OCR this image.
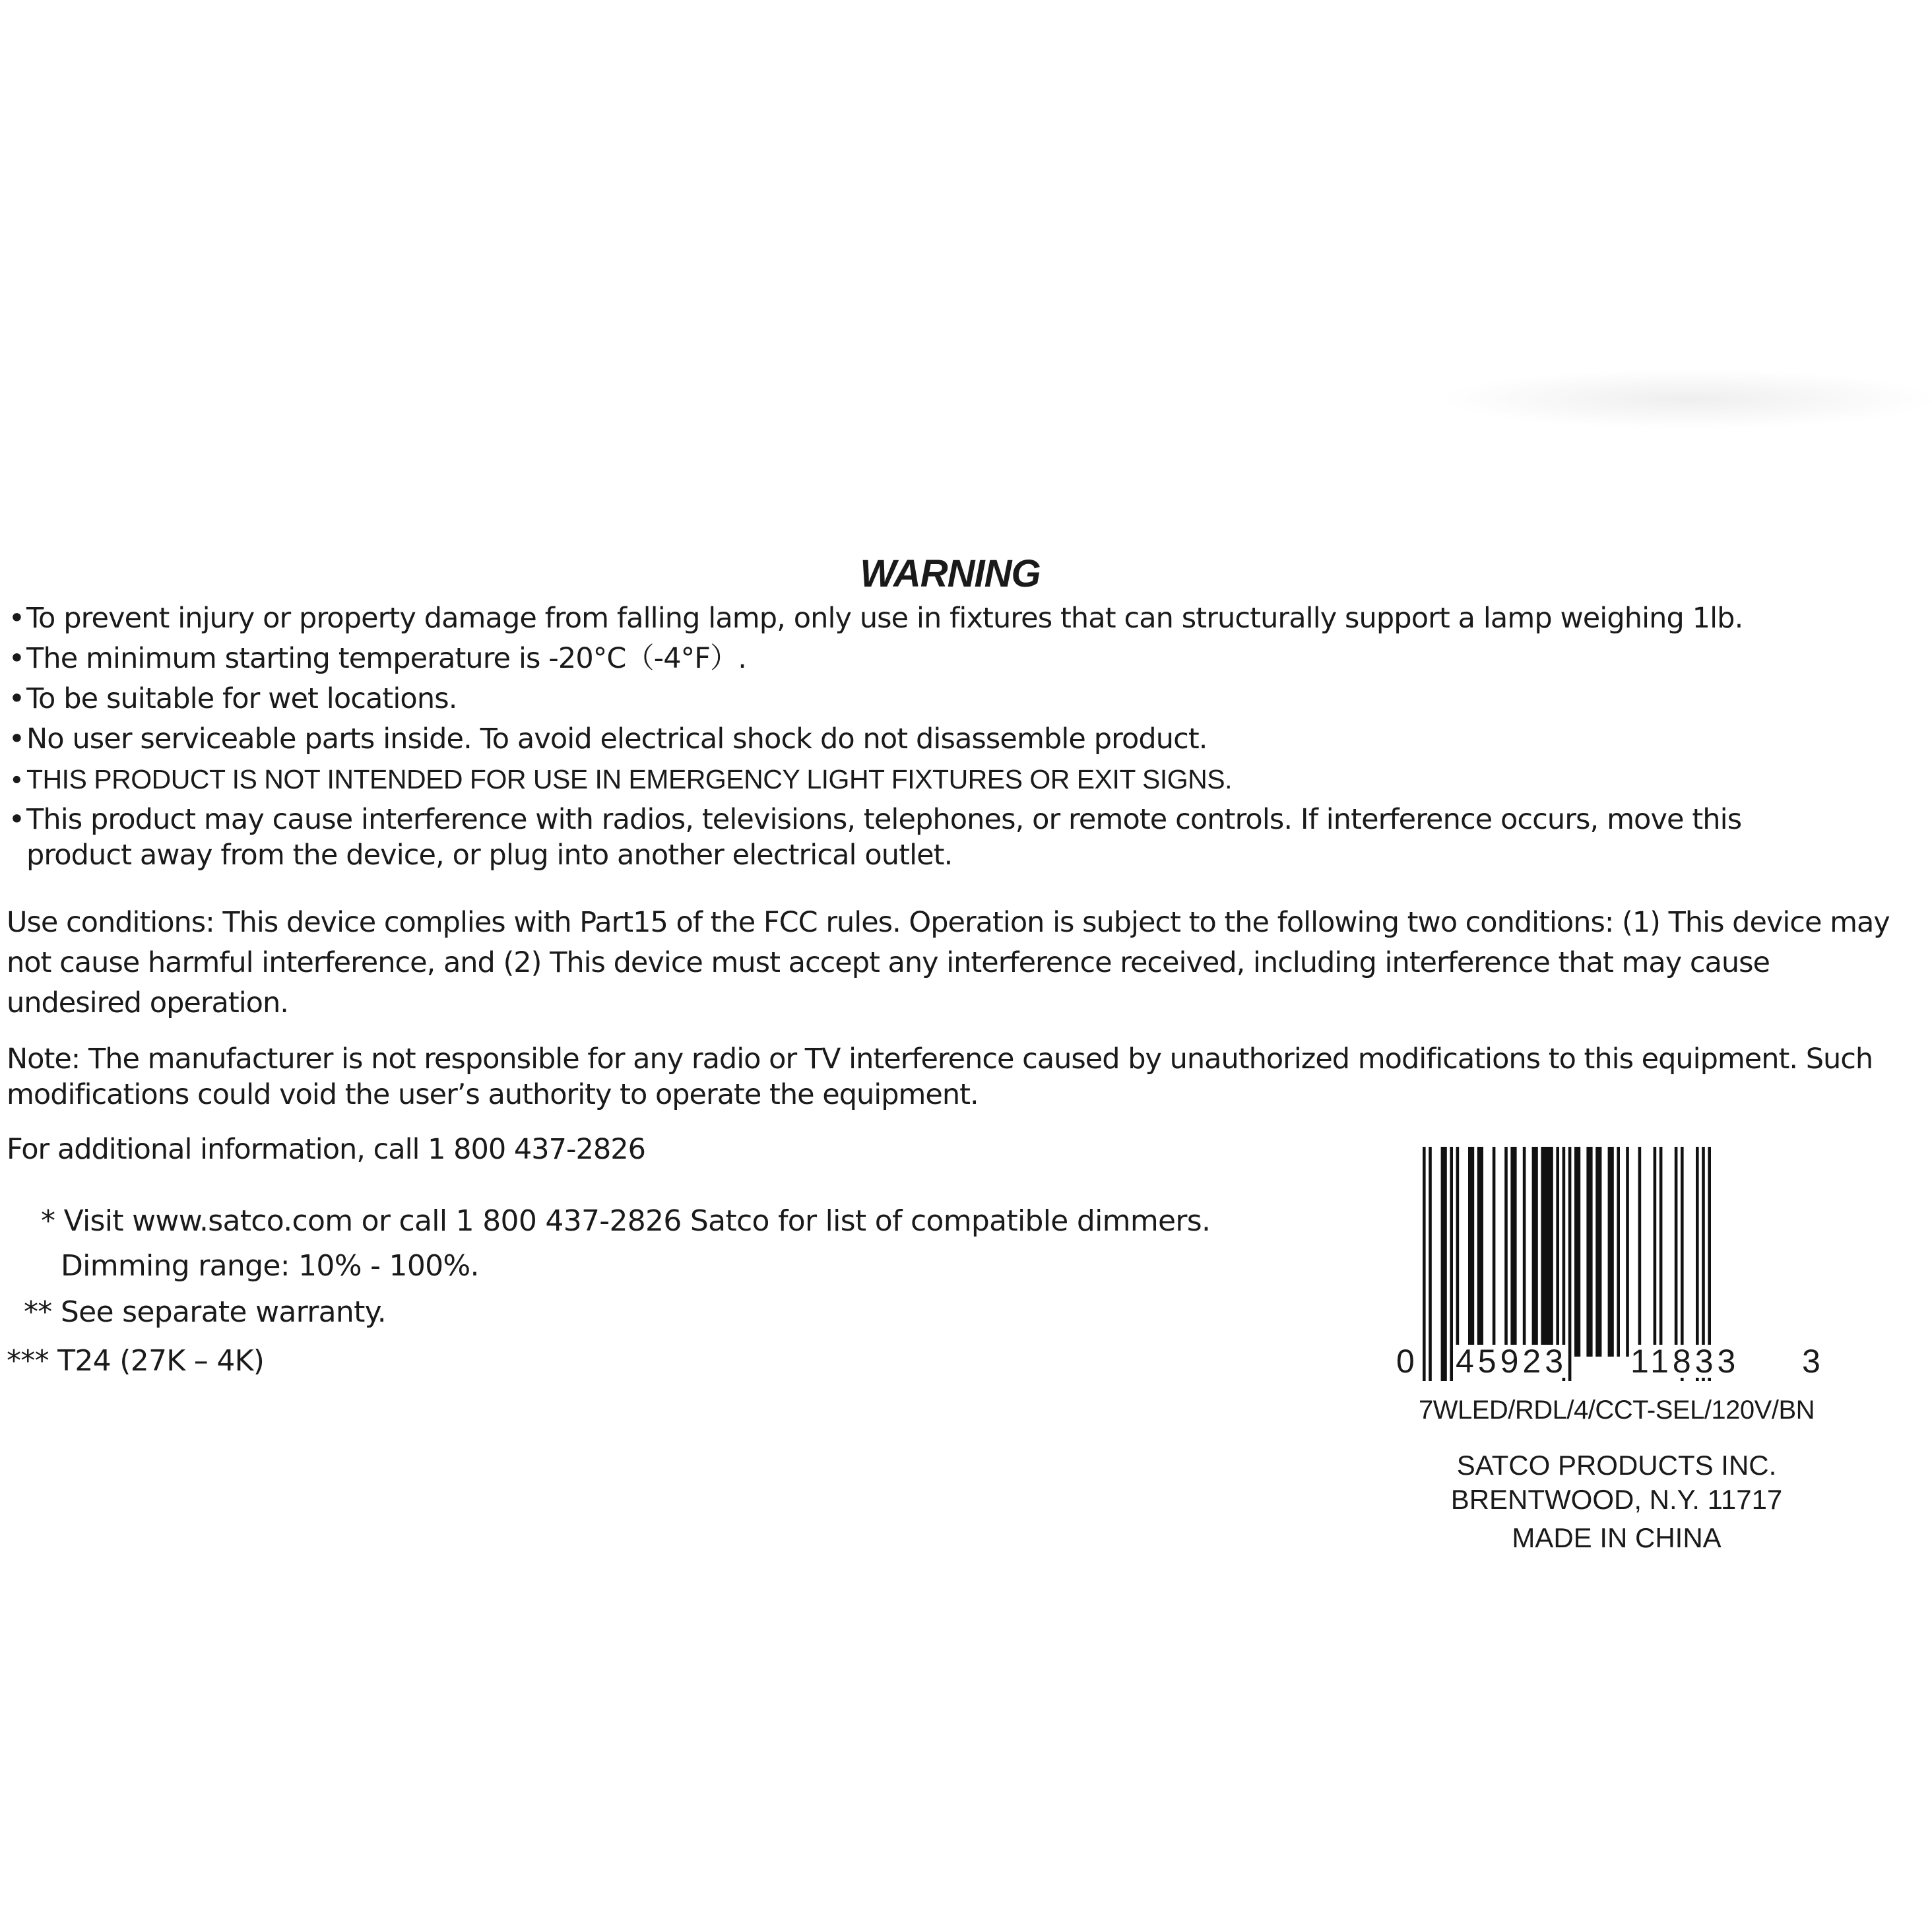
WARNING
• To prevent injury or property damage from falling lamp, only use in fixtures that can structurally support a lamp weighing 1lb.
• The minimum starting temperature is -20°C（-4°F）.
• To be suitable for wet locations.
• No user serviceable parts inside. To avoid electrical shock do not disassemble product.
• THIS PRODUCT IS NOT INTENDED FOR USE IN EMERGENCY LIGHT FIXTURES OR EXIT SIGNS.
• This product may cause interference with radios, televisions, telephones, or remote controls. If interference occurs, move this product away from the device, or plug into another electrical outlet.
Use conditions: This device complies with Part15 of the FCC rules. Operation is subject to the following two conditions: (1) This device may not cause harmful interference, and (2) This device must accept any interference received, including interference that may cause undesired operation.
Note: The manufacturer is not responsible for any radio or TV interference caused by unauthorized modifications to this equipment. Such modifications could void the user’s authority to operate the equipment.
For additional information, call 1 800 437-2826
* Visit www.satco.com or call 1 800 437-2826 Satco for list of compatible dimmers.
Dimming range: 10% - 100%.
** See separate warranty.
*** T24 (27K – 4K)	0 45923 11833 3
7WLED/RDL/4/CCT-SEL/120V/BN
SATCO PRODUCTS INC.
BRENTWOOD, N.Y. 11717
MADE IN CHINA
